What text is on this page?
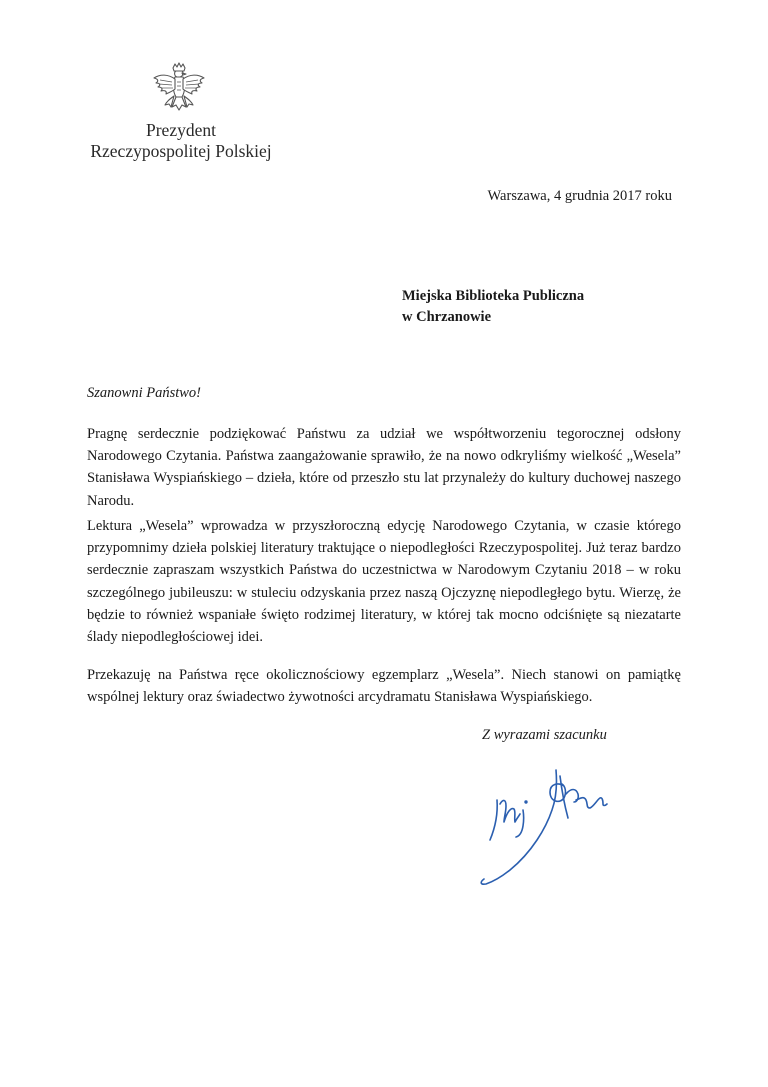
Prezydent
Rzeczypospolitej Polskiej
Warszawa, 4 grudnia 2017 roku
Miejska Biblioteka Publiczna
w Chrzanowie
Szanowni Państwo!

Pragnę serdecznie podziękować Państwu za udział we współtworzeniu tegorocznej odsłony Narodowego Czytania. Państwa zaangażowanie sprawiło, że na nowo odkryliśmy wielkość „Wesela” Stanisława Wyspiańskiego – dzieła, które od przeszło stu lat przynależy do kultury duchowej naszego Narodu.

Lektura „Wesela” wprowadza w przyszłoroczną edycję Narodowego Czytania, w czasie którego przypomnimy dzieła polskiej literatury traktujące o niepodległości Rzeczypospolitej. Już teraz bardzo serdecznie zapraszam wszystkich Państwa do uczestnictwa w Narodowym Czytaniu 2018 – w roku szczególnego jubileuszu: w stuleciu odzyskania przez naszą Ojczyznę niepodległego bytu. Wierzę, że będzie to również wspaniałe święto rodzimej literatury, w której tak mocno odciśnięte są niezatarte ślady niepodległościowej idei.

Przekazuję na Państwa ręce okolicznościowy egzemplarz „Wesela”. Niech stanowi on pamiątkę wspólnej lektury oraz świadectwo żywotności arcydramatu Stanisława Wyspiańskiego.

Z wyrazami szacunku
